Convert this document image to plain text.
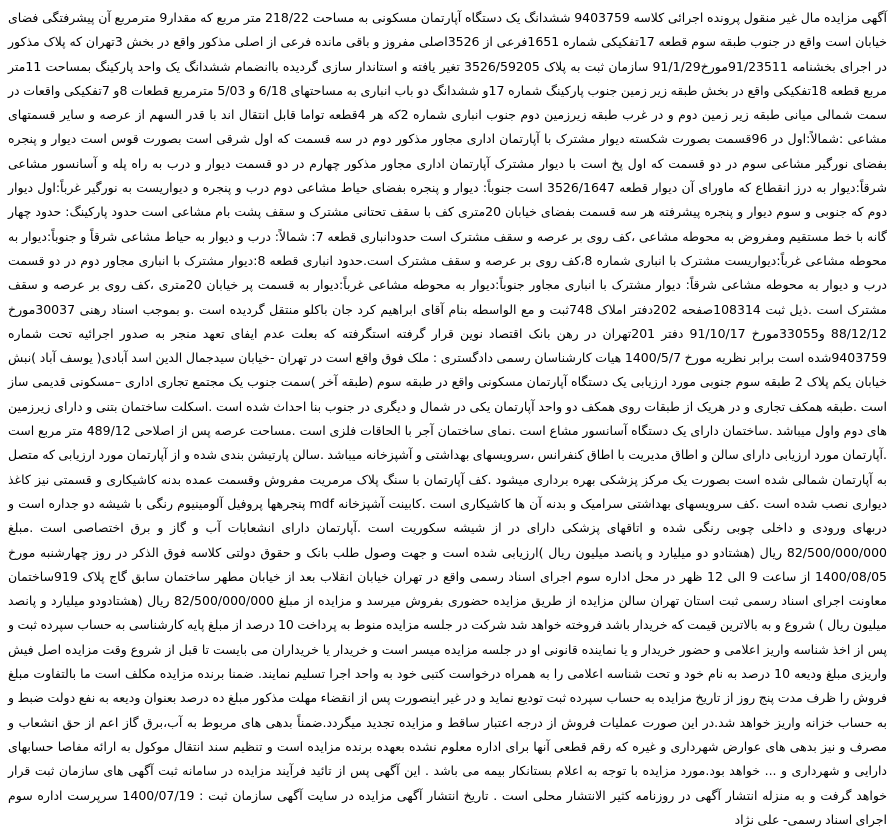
آگهی مزایده مال غیر منقول پرونده اجرائی کلاسه 9403759 ششدانگ یک دستگاه آپارتمان مسکونی به مساحت 218/22 متر مربع که مقدار9 مترمربع آن پیشرفتگی فضای خیابان است واقع در جنوب طبقه سوم قطعه 17تفکیکی شماره 1651فرعی از 3526اصلی مفروز و باقی مانده فرعی از اصلی مذکور واقع در بخش 3تهران که پلاک مذکور در اجرای بخشنامه 91/23511مورخ91/1/29 سازمان ثبت به پلاک 3526/59205 تغیر یافته و استاندار سازی گردیده باانضمام ششدانگ یک واحد پارکینگ بمساحت 11متر مربع قطعه 18تفکیکی واقع در بخش طبقه زیر زمین جنوب پارکینگ شماره 17و ششدانگ دو باب انباری به مساحتهای 6/18 و 5/03 مترمربع قطعات 8و 7تفکیکی واقعات در سمت شمالی میانی طبقه زیر زمین دوم و در غرب طبقه زیرزمین دوم جنوب انباری شماره 2که هر 4قطعه تواما قابل انتقال اند با قدر السهم از عرصه و سایر قسمتهای مشاعی :شمالاً:اول در 96قسمت بصورت شکسته دیوار مشترک با آپارتمان اداری مجاور مذکور دوم در سه قسمت که اول شرقی است بصورت قوس است دیوار و پنجره بفضای نورگیر مشاعی سوم در دو قسمت که اول پخ است با دیوار مشترک آپارتمان اداری مجاور مذکور چهارم در دو قسمت دیوار و درب به راه پله و آسانسور مشاعی شرقاً:دیوار به درز انقطاع که ماورای آن دیوار قطعه 3526/1647 است جنوباً: دیوار و پنجره بفضای حیاط مشاعی دوم درب و پنجره و دیواریست به نورگیر غرباً:اول دیوار دوم که جنوبی و سوم دیوار و پنجره پیشرفته هر سه قسمت بفضای خیابان 20متری کف با سقف تحتانی مشترک و سقف پشت بام مشاعی است حدود پارکینگ: حدود چهار گانه با خط مستقیم ومفروض به محوطه مشاعی ،کف روی بر عرصه و سقف مشترک است حدودانباری قطعه 7: شمالاً: درب و دیوار به حیاط مشاعی شرقاً و جنوباً:دیوار به محوطه مشاعی غرباً:دیواریست مشترک با انباری شماره 8،کف روی بر عرصه و سقف مشترک است.حدود انباری قطعه 8:دیوار مشترک با انباری مجاور دوم در دو قسمت درب و دیوار به محوطه مشاعی شرقاً: دیوار مشترک با انباری مجاور جنوباً:دیوار به محوطه مشاعی غرباً:دیوار به قسمت پر خیابان 20متری ،کف روی بر عرصه و سقف مشترک است .ذیل ثبت 108314صفحه 202دفتر املاک 748ثبت و مع الواسطه بنام آقای ابراهیم کرد جان باکلو منتقل گردیده است .و بموجب اسناد رهنی 30037مورخ 88/12/12 و33055مورخ 91/10/17 دفتر 201تهران در رهن بانک اقتصاد نوین قرار گرفته استگرفته که بعلت عدم ایفای تعهد منجر به صدور اجرائیه تحت شماره 9403759شده است برابر نظریه مورخ 1400/5/7 هیات کارشناسان رسمی دادگستری : ملک فوق واقع است در تهران -خیابان سیدجمال الدین اسد آبادی( یوسف آباد )نبش خیابان یکم پلاک 2 طبقه سوم جنوبی مورد ارزیابی یک دستگاه آپارتمان مسکونی واقع در طبقه سوم (طبقه آخر )سمت جنوب یک مجتمع تجاری اداری –مسکونی قدیمی ساز است .طبقه همکف تجاری و در هریک از طبقات روی همکف دو واحد آپارتمان یکی در شمال و دیگری در جنوب بنا احداث شده است .اسکلت ساختمان بتنی و دارای زیرزمین های دوم واول میباشد .ساختمان دارای یک دستگاه آسانسور مشاع است .نمای ساختمان آجر با الحاقات فلزی است .مساحت عرصه پس از اصلاحی 489/12 متر مربع است .آپارتمان مورد ارزیابی دارای سالن و اطاق مدیریت با اطاق کنفرانس ،سرویسهای بهداشتی و آشپزخانه میباشد .سالن پارتیشن بندی شده و از آپارتمان مورد ارزیابی که متصل به آپارتمان شمالی شده است بصورت یک مرکز پزشکی بهره برداری میشود .کف آپارتمان با سنگ پلاک مرمریت مفروش وقسمت عمده بدنه کاشیکاری و قسمتی نیز کاغذ دیواری نصب شده است .کف سرویسهای بهداشتی سرامیک و بدنه آن ها کاشیکاری است .کابینت آشپزخانه mdf پنجرهها پروفیل آلومینیوم رنگی با شیشه دو جداره است و دربهای ورودی و داخلی چوبی رنگی شده و اتاقهای پزشکی دارای در از شیشه سکوریت است .آپارتمان دارای انشعابات آب و گاز و برق اختصاصی است .مبلغ 82/500/000/000 ریال (هشتادو دو میلیارد و پانصد میلیون ریال )ارزیابی شده است و جهت وصول طلب بانک و حقوق دولتی کلاسه فوق الذکر در روز چهارشنبه مورخ 1400/08/05 از ساعت 9 الی 12 ظهر در محل اداره سوم اجرای اسناد رسمی واقع در تهران خیابان انقلاب بعد از خیابان مطهر ساختمان سابق گاج پلاک 919ساختمان معاونت اجرای اسناد رسمی ثبت استان تهران سالن مزایده از طریق مزایده حضوری بفروش میرسد و مزایده از مبلغ 82/500/000/000 ریال (هشتادودو میلیارد و پانصد میلیون ریال ) شروع و به بالاترین قیمت که خریدار باشد فروخته خواهد شد شرکت در جلسه مزایده منوط به پرداخت 10 درصد از مبلغ پایه کارشناسی به حساب سپرده ثبت و پس از اخذ شناسه واریز اعلامی و حضور خریدار و یا نماینده قانونی او در جلسه مزایده میسر است و خریدار یا خریداران می بایست تا قبل از شروع وقت مزایده اصل فیش واریزی مبلغ ودیعه 10 درصد به نام خود و تحت شناسه اعلامی را به همراه درخواست کتبی خود به واحد اجرا تسلیم نمایند. ضمنا برنده مزایده مکلف است ما بالتفاوت مبلغ فروش را ظرف مدت پنج روز از تاریخ مزایده به حساب سپرده ثبت تودیع نماید و در غیر اینصورت پس از انقضاء مهلت مذکور مبلغ ده درصد بعنوان ودیعه به نفع دولت ضبط و به حساب خزانه واریز خواهد شد.در این صورت عملیات فروش از درجه اعتبار ساقط و مزایده تجدید میگردد.ضمناً بدهی های مربوط به آب،برق گاز اعم از حق انشعاب و مصرف و نیز بدهی های عوارض شهرداری و غیره که رقم قطعی آنها برای اداره معلوم نشده بعهده برنده مزایده است و تنظیم سند انتقال موکول به ارائه مفاصا حسابهای دارایی و شهرداری و ... خواهد بود.مورد مزایده با توجه به اعلام بستانکار بیمه می باشد . این آگهی پس از تائید فرآیند مزایده در سامانه ثبت آگهی های سازمان ثبت قرار خواهد گرفت و به منزله انتشار آگهی در روزنامه کثیر الانتشار محلی است . تاریخ انتشار آگهی مزایده در سایت آگهی سازمان ثبت : 1400/07/19 سرپرست اداره سوم اجرای اسناد رسمی- علی نژاد
